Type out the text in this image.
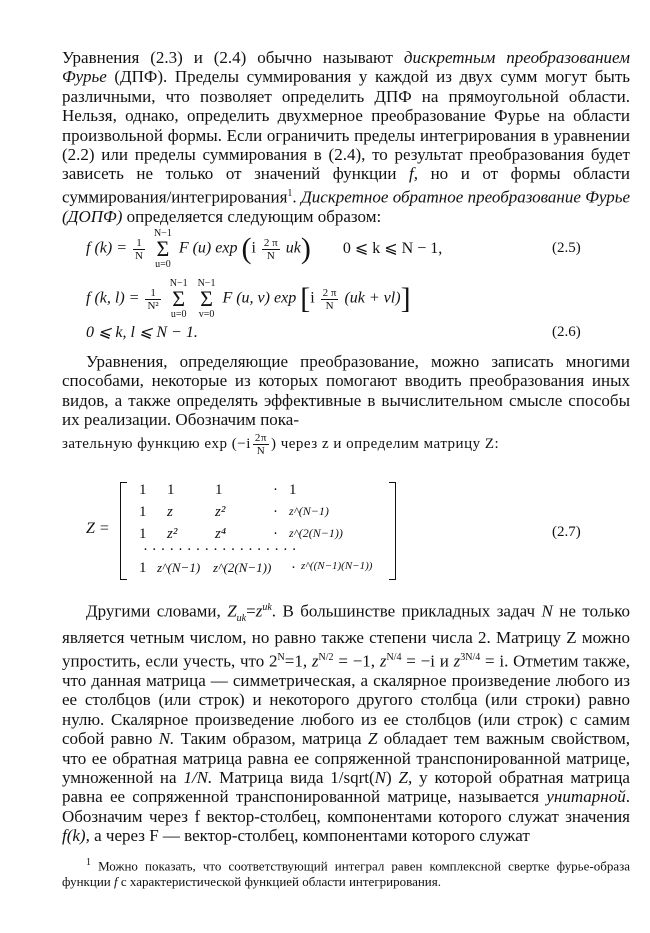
Уравнения (2.3) и (2.4) обычно называют дискретным преобразованием Фурье (ДПФ). Пределы суммирования у каждой из двух сумм могут быть различными, что позволяет определить ДПФ на прямоугольной области. Нельзя, однако, определить двухмерное преобразование Фурье на области произвольной формы. Если ограничить пределы интегрирования в уравнении (2.2) или пределы суммирования в (2.4), то результат преобразования будет зависеть не только от значений функции f, но и от формы области суммирования/интегрирования$^1$. Дискретное обратное преобразование Фурье (ДОПФ) определяется следующим образом:

f $(k) = \frac{1}{N}$
N−1
Σ
u=0 F (u) $\exp (i \frac{2 \pi}{N} uk)$ 0 ⩽ k ⩽ N − 1,	(2.5)
f (k, $l) = \frac{1}{\text{N²}}$
N−1
Σ
u=0 N−1
Σ
v=0 F (u, v) $\exp [i \frac{2 \pi}{N} (uk + vl)]$
0 ⩽ k, l ⩽ N − 1.	(2.6)

Уравнения, определяющие преобразование, можно записать многими способами, некоторые из которых помогают вводить преобразования иных видов, а также определять эффективные в вычислительном смысле способы их реализации. Обозначим пока-

зательную функцию $\exp (-i \frac{2\pi}{N}$ ) через z и определим матрицу Z:
Z =
1 1	1	· 1
1 z	z²	· z^(N−1)
1 z²	z⁴	· z^(2(N−1))
· · · · · · · · · · · · · · · · · ·
1 z^(N−1) z^(2(N−1)) · z^((N−1)(N−1))
(2.7)

Другими словами, $Z_{uk}=z^{uk}$. В большинстве прикладных задач N не только является четным числом, но равно также степени числа 2. Матрицу Z можно упростить, если учесть, что $2^N=1$, $z^{N/2} = -1$, $z^{N/4} = -i$ и $z^{3N/4} = i$. Отметим также, что данная матрица — симметрическая, а скалярное произведение любого из ее столбцов (или строк) и некоторого другого столбца (или строки) равно нулю. Скалярное произведение любого из ее столбцов (или строк) с самим собой равно N. Таким образом, матрица Z обладает тем важным свойством, что ее обратная матрица равна ее сопряженной транспонированной матрице, умноженной на 1/N. Матрица вида 1/sqrt(N) Z, у которой обратная матрица равна ее сопряженной транспонированной матрице, называется унитарной. Обозначим через f вектор-столбец, компонентами которого служат значения f(k), а через F — вектор-столбец, компонентами которого служат

$^1$ Можно показать, что соответствующий интеграл равен комплексной свертке фурье-образа функции f с характеристической функцией области интегрирования.
